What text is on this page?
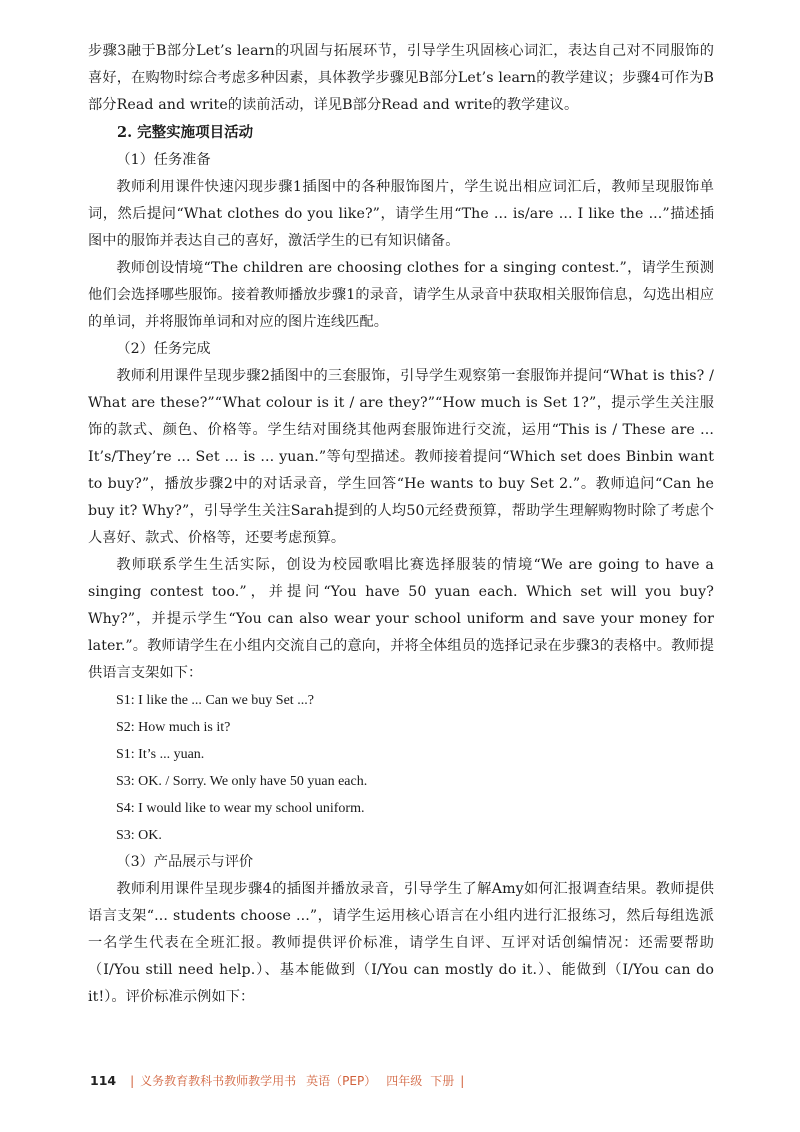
步骤3融于B部分Let’s learn的巩固与拓展环节，引导学生巩固核心词汇，表达自己对不同服饰的喜好，在购物时综合考虑多种因素，具体教学步骤见B部分Let’s learn的教学建议；步骤4可作为B部分Read and write的读前活动，详见B部分Read and write的教学建议。

2. 完整实施项目活动

（1）任务准备

教师利用课件快速闪现步骤1插图中的各种服饰图片，学生说出相应词汇后，教师呈现服饰单词，然后提问“What clothes do you like?”，请学生用“The ... is/are ... I like the ...”描述插图中的服饰并表达自己的喜好，激活学生的已有知识储备。

教师创设情境“The children are choosing clothes for a singing contest.”，请学生预测他们会选择哪些服饰。接着教师播放步骤1的录音，请学生从录音中获取相关服饰信息，勾选出相应的单词，并将服饰单词和对应的图片连线匹配。

（2）任务完成

教师利用课件呈现步骤2插图中的三套服饰，引导学生观察第一套服饰并提问“What is this? / What are these?”“What colour is it / are they?”“How much is Set 1?”，提示学生关注服饰的款式、颜色、价格等。学生结对围绕其他两套服饰进行交流，运用“This is / These are ... It’s/They’re ... Set ... is ... yuan.”等句型描述。教师接着提问“Which set does Binbin want to buy?”，播放步骤2中的对话录音，学生回答“He wants to buy Set 2.”。教师追问“Can he buy it? Why?”，引导学生关注Sarah提到的人均50元经费预算，帮助学生理解购物时除了考虑个人喜好、款式、价格等，还要考虑预算。

教师联系学生生活实际，创设为校园歌唱比赛选择服装的情境“We are going to have a singing contest too.”，并提问“You have 50 yuan each. Which set will you buy? Why?”，并提示学生“You can also wear your school uniform and save your money for later.”。教师请学生在小组内交流自己的意向，并将全体组员的选择记录在步骤3的表格中。教师提供语言支架如下：

S1: I like the ... Can we buy Set ...?

S2: How much is it?

S1: It’s ... yuan.

S3: OK. / Sorry. We only have 50 yuan each.

S4: I would like to wear my school uniform.

S3: OK.

（3）产品展示与评价

教师利用课件呈现步骤4的插图并播放录音，引导学生了解Amy如何汇报调查结果。教师提供语言支架“... students choose ...”，请学生运用核心语言在小组内进行汇报练习，然后每组选派一名学生代表在全班汇报。教师提供评价标准，请学生自评、互评对话创编情况：还需要帮助（I/You still need help.）、基本能做到（I/You can mostly do it.）、能做到（I/You can do it!）。评价标准示例如下：

114 | 义务教育教科书教师教学用书 英语（PEP） 四年级 下册 |
